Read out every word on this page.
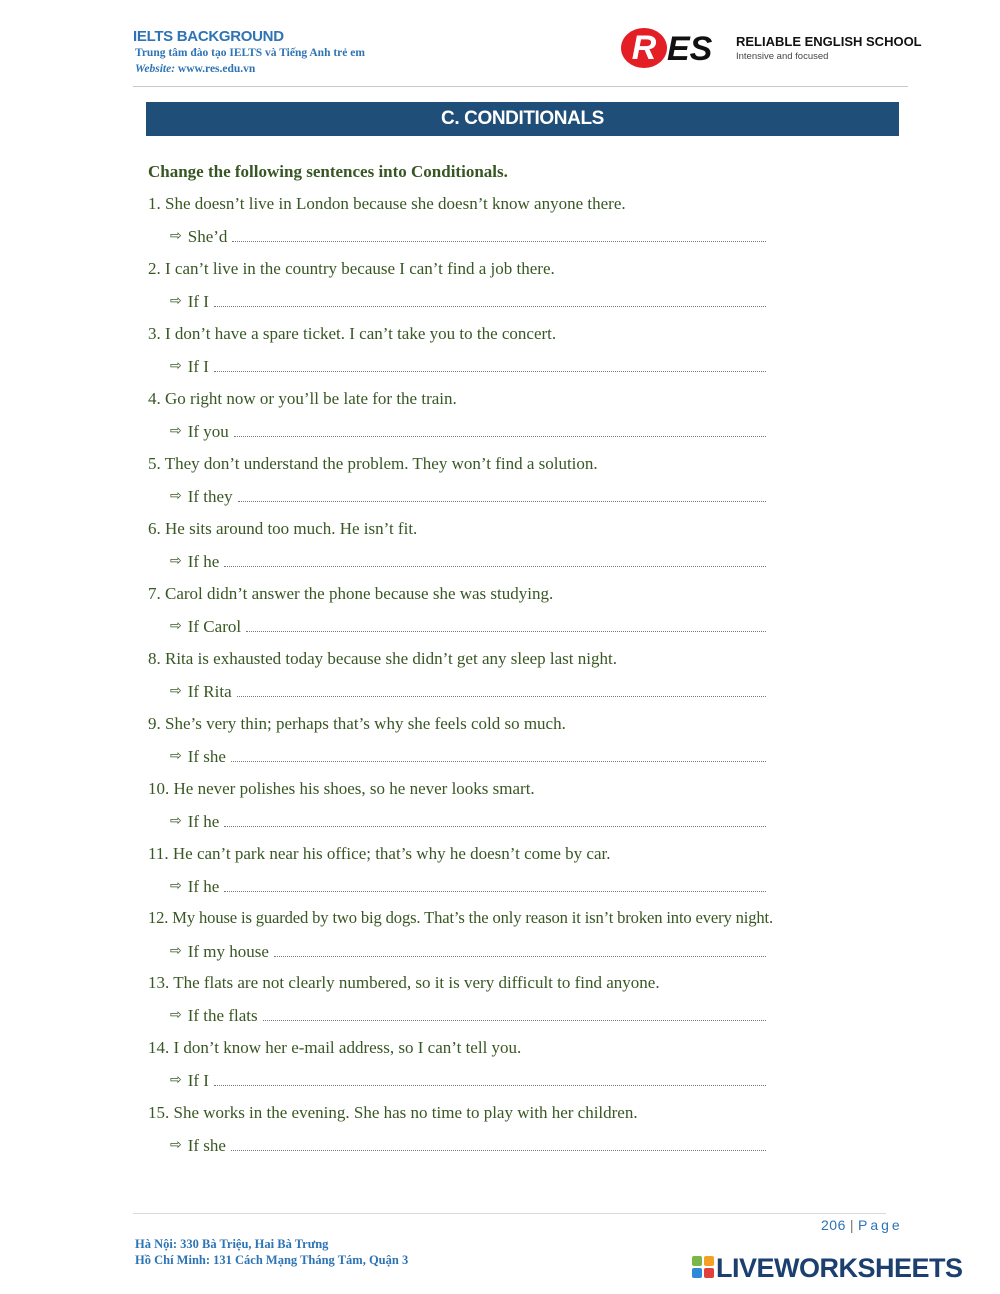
IELTS BACKGROUND
Trung tâm đào tạo IELTS và Tiếng Anh trẻ em
Website: www.res.edu.vn
R ES RELIABLE ENGLISH SCHOOL
Intensive and focused
C. CONDITIONALS
Change the following sentences into Conditionals.
1. She doesn’t live in London because she doesn’t know anyone there.
⇨ She’d
2. I can’t live in the country because I can’t find a job there.
⇨ If I
3. I don’t have a spare ticket. I can’t take you to the concert.
⇨ If I
4. Go right now or you’ll be late for the train.
⇨ If you
5. They don’t understand the problem. They won’t find a solution.
⇨ If they
6. He sits around too much. He isn’t fit.
⇨ If he
7. Carol didn’t answer the phone because she was studying.
⇨ If Carol
8. Rita is exhausted today because she didn’t get any sleep last night.
⇨ If Rita
9. She’s very thin; perhaps that’s why she feels cold so much.
⇨ If she
10. He never polishes his shoes, so he never looks smart.
⇨ If he
11. He can’t park near his office; that’s why he doesn’t come by car.
⇨ If he
12. My house is guarded by two big dogs. That’s the only reason it isn’t broken into every night.
⇨ If my house
13. The flats are not clearly numbered, so it is very difficult to find anyone.
⇨ If the flats
14. I don’t know her e-mail address, so I can’t tell you.
⇨ If I
15. She works in the evening. She has no time to play with her children.
⇨ If she
206 | Page
Hà Nội: 330 Bà Triệu, Hai Bà Trưng
Hồ Chí Minh: 131 Cách Mạng Tháng Tám, Quận 3	LIVEWORKSHEETS
